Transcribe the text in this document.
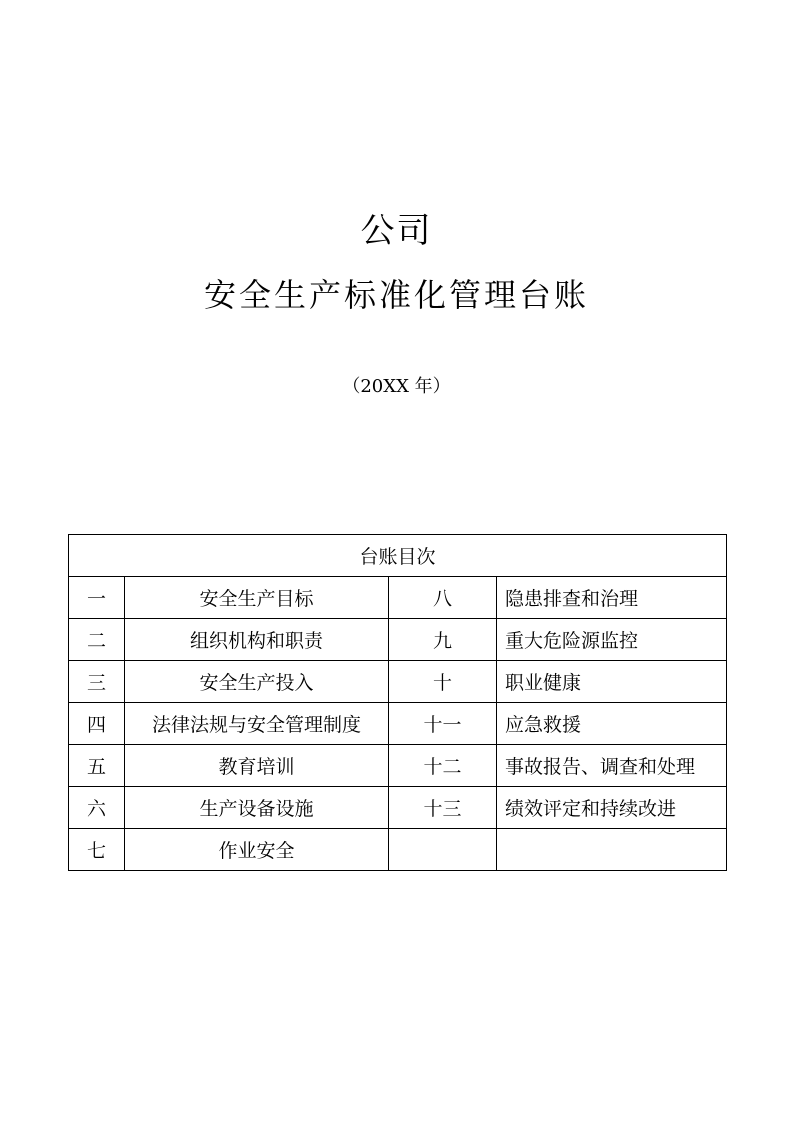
公司
安全生产标准化管理台账
（20XX 年）
台账目次			
一	安全生产目标	八	隐患排查和治理
二	组织机构和职责	九	重大危险源监控
三	安全生产投入	十	职业健康
四	法律法规与安全管理制度	十一	应急救援
五	教育培训	十二	事故报告、调查和处理
六	生产设备设施	十三	绩效评定和持续改进
七	作业安全		
